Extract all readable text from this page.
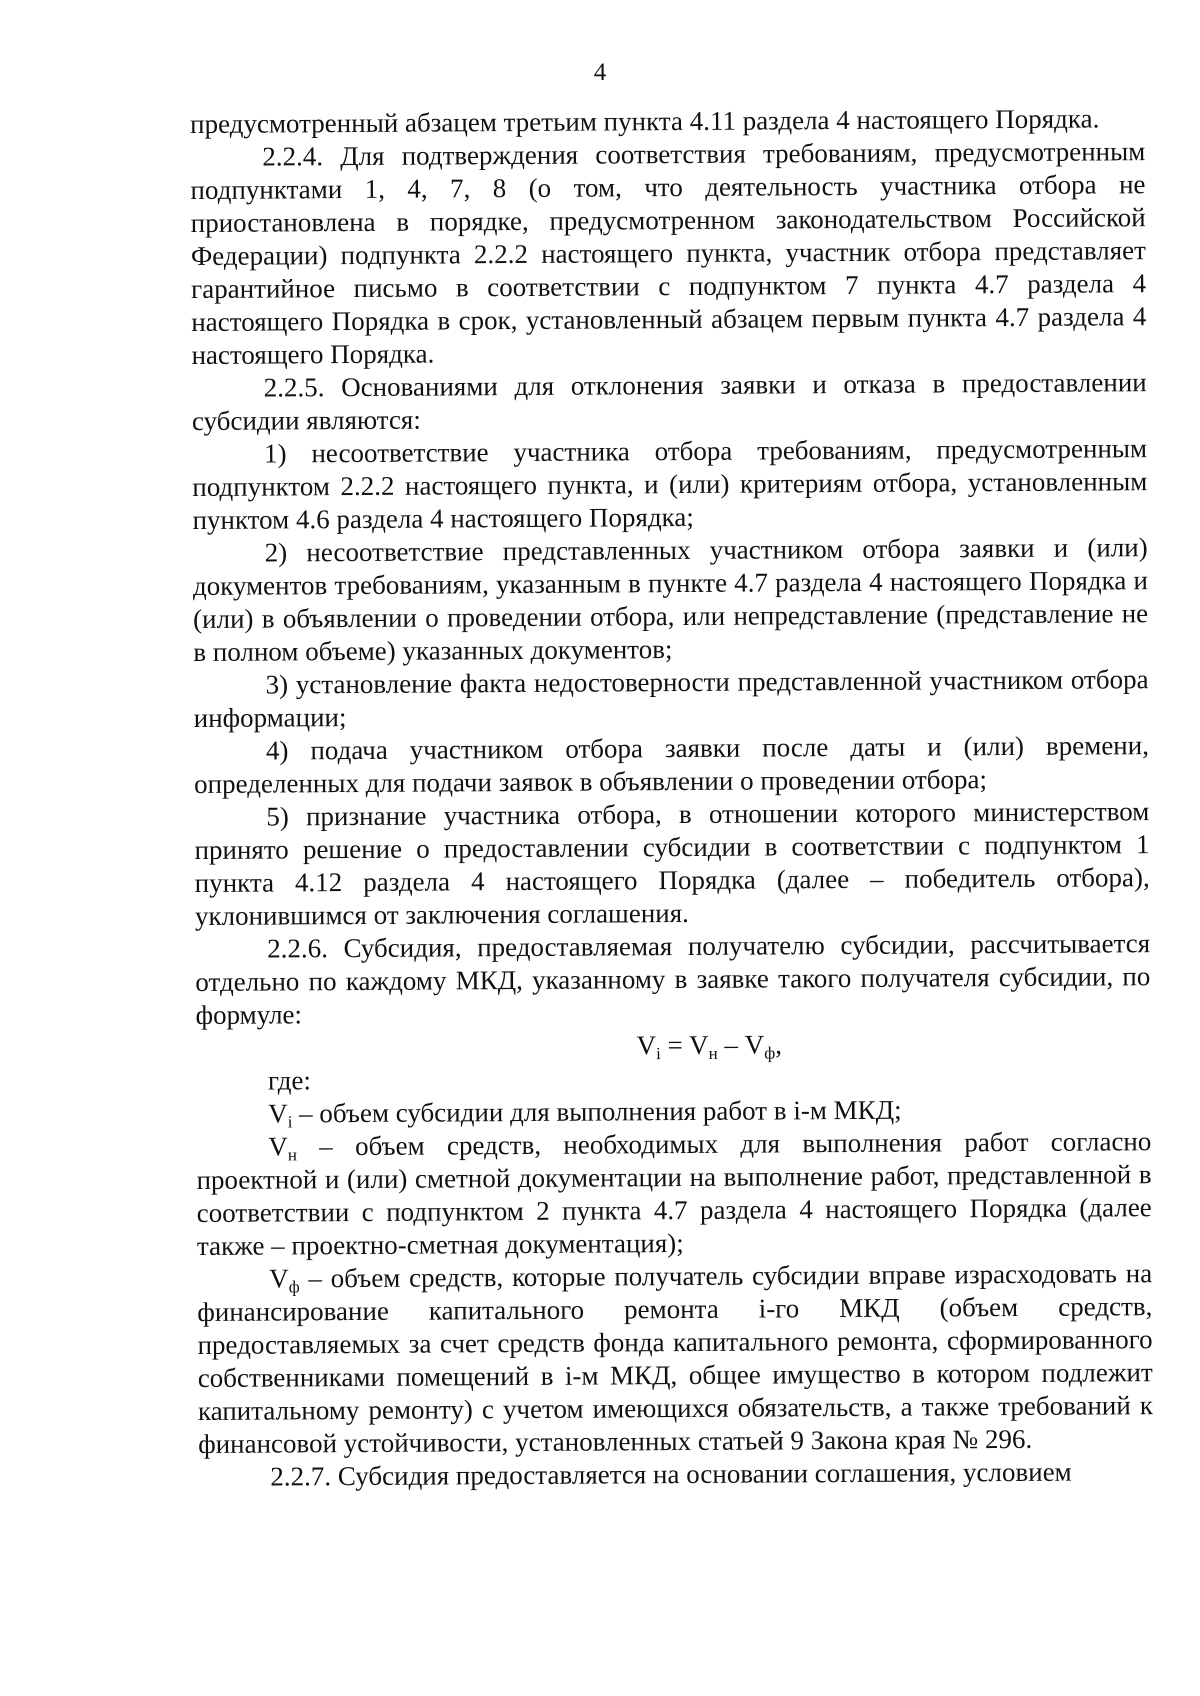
4

предусмотренный абзацем третьим пункта 4.11 раздела 4 настоящего Порядка.

2.2.4. Для подтверждения соответствия требованиям, предусмотренным подпунктами 1, 4, 7, 8 (о том, что деятельность участника отбора не приостановлена в порядке, предусмотренном законодательством Российской Федерации) подпункта 2.2.2 настоящего пункта, участник отбора представляет гарантийное письмо в соответствии с подпунктом 7 пункта 4.7 раздела 4 настоящего Порядка в срок, установленный абзацем первым пункта 4.7 раздела 4 настоящего Порядка.

2.2.5. Основаниями для отклонения заявки и отказа в предоставлении субсидии являются:

1) несоответствие участника отбора требованиям, предусмотренным подпунктом 2.2.2 настоящего пункта, и (или) критериям отбора, установленным пунктом 4.6 раздела 4 настоящего Порядка;

2) несоответствие представленных участником отбора заявки и (или) документов требованиям, указанным в пункте 4.7 раздела 4 настоящего Порядка и (или) в объявлении о проведении отбора, или непредставление (представление не в полном объеме) указанных документов;

3) установление факта недостоверности представленной участником отбора информации;

4) подача участником отбора заявки после даты и (или) времени, определенных для подачи заявок в объявлении о проведении отбора;

5) признание участника отбора, в отношении которого министерством принято решение о предоставлении субсидии в соответствии с подпунктом 1 пункта 4.12 раздела 4 настоящего Порядка (далее – победитель отбора), уклонившимся от заключения соглашения.

2.2.6. Субсидия, предоставляемая получателю субсидии, рассчитывается отдельно по каждому МКД, указанному в заявке такого получателя субсидии, по формуле:

$V_i = V_н - V_ф$,

где:

$V_i$ – объем субсидии для выполнения работ в i-м МКД;

$V_н$ – объем средств, необходимых для выполнения работ согласно проектной и (или) сметной документации на выполнение работ, представленной в соответствии с подпунктом 2 пункта 4.7 раздела 4 настоящего Порядка (далее также – проектно-сметная документация);

$V_ф$ – объем средств, которые получатель субсидии вправе израсходовать на финансирование капитального ремонта i-го МКД (объем средств, предоставляемых за счет средств фонда капитального ремонта, сформированного собственниками помещений в i-м МКД, общее имущество в котором подлежит капитальному ремонту) с учетом имеющихся обязательств, а также требований к финансовой устойчивости, установленных статьей 9 Закона края № 296.

2.2.7. Субсидия предоставляется на основании соглашения, условием
